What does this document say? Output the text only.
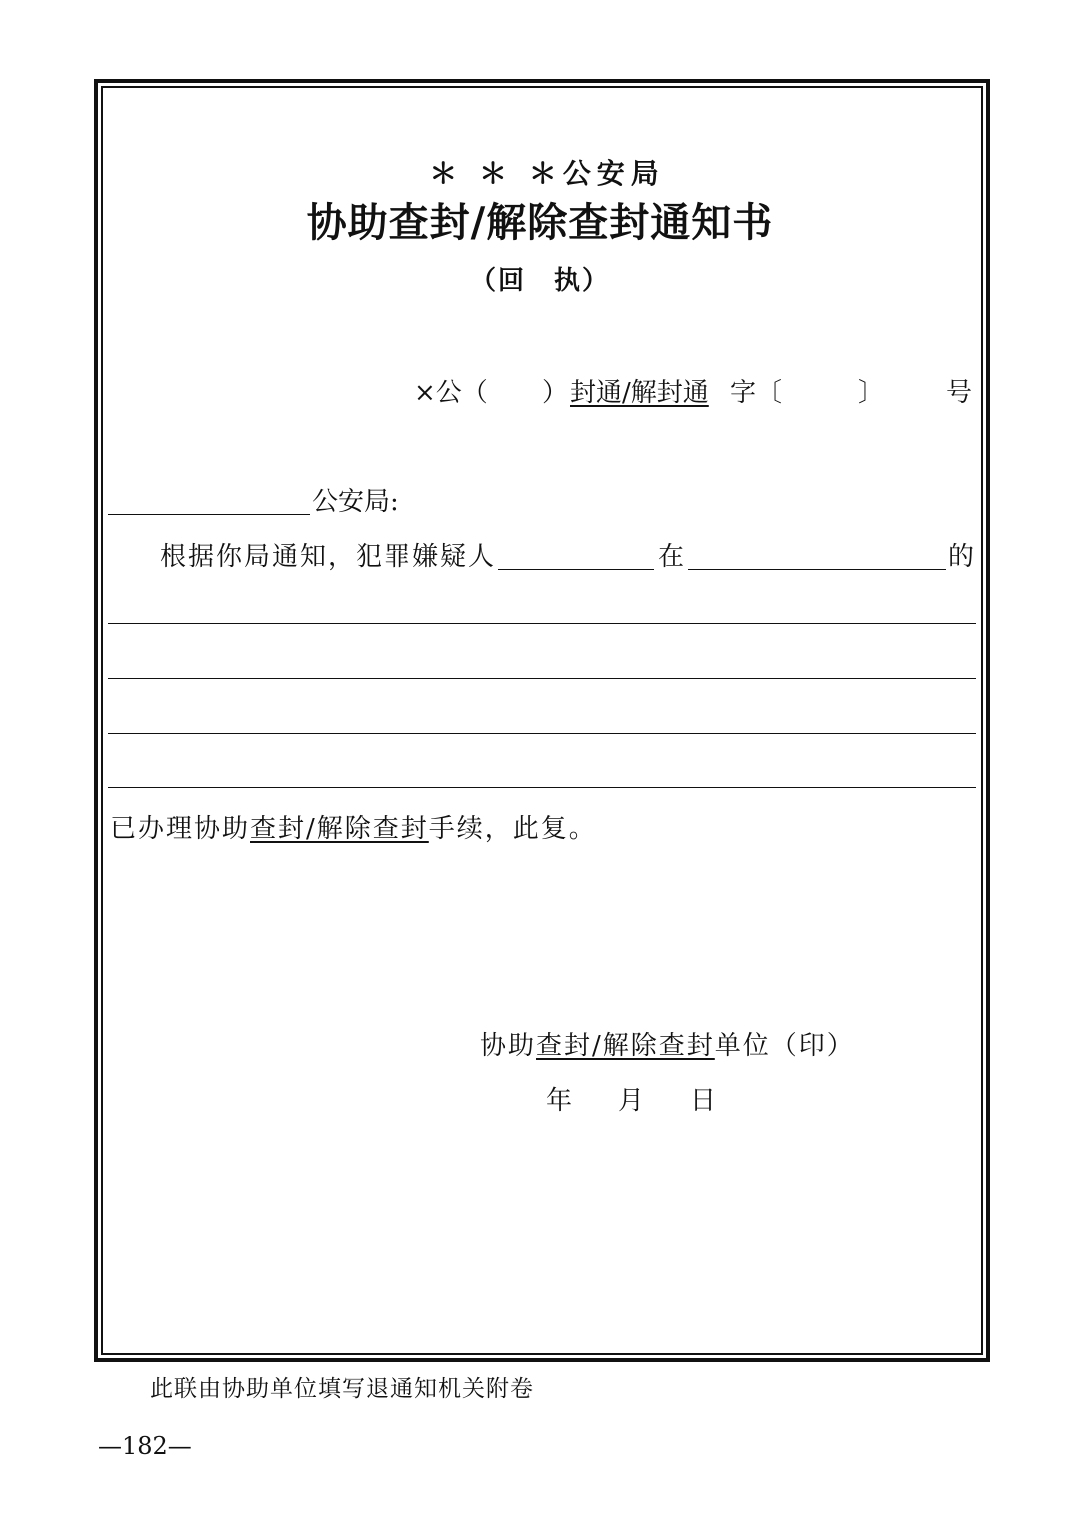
＊ ＊ ＊公安局
协助查封/解除查封通知书
（回　执）
×公（ ） 封通/解封通 字〔	〕 号
公安局:
根据你局通知，犯罪嫌疑人	在	的
已办理协助查封/解除查封手续，此复。
协助查封/解除查封单位（印）
年 月 日
此联由协助单位填写退通知机关附卷
—182—
